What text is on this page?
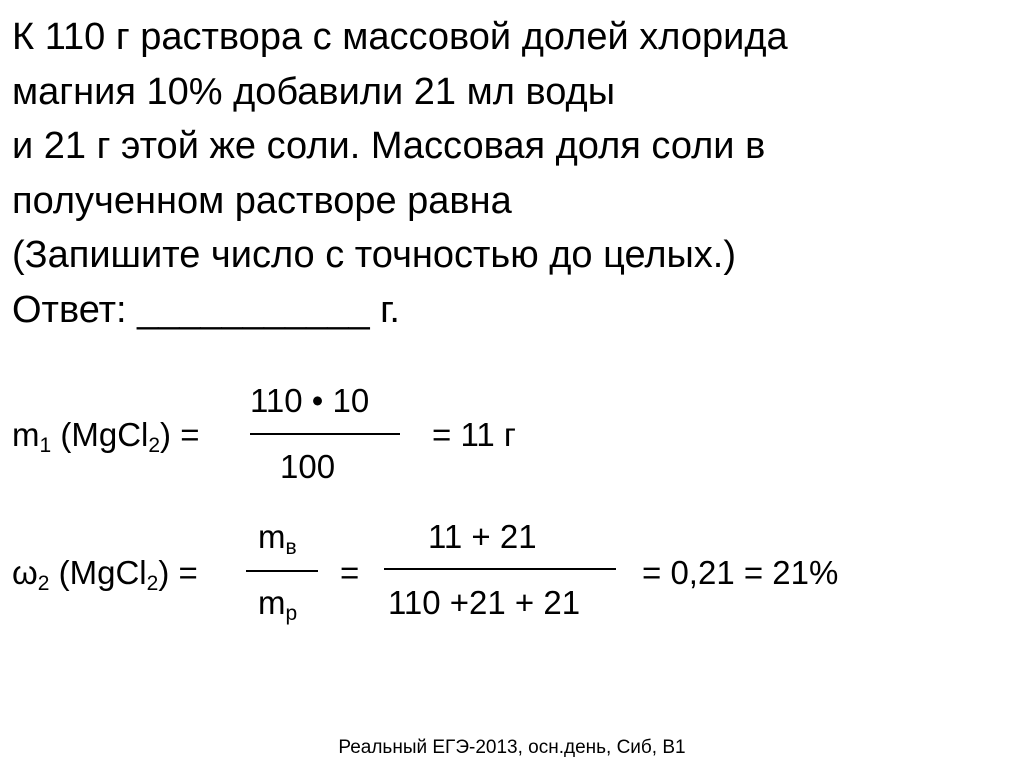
К 110 г раствора с массовой долей хлорида
магния 10% добавили 21 мл воды
и 21 г этой же соли. Массовая доля соли в
полученном растворе равна
(Запишите число с точностью до целых.)
Ответ: ___________ г.
$m_1$ (MgCl$_2$) =
110 • 10
100
= 11 г
$\omega_2$ (MgCl$_2$) =
$m_в$
$m_р$
=
11 + 21
110 +21 + 21
= 0,21 = 21%
Реальный ЕГЭ-2013, осн.день, Сиб, В1
